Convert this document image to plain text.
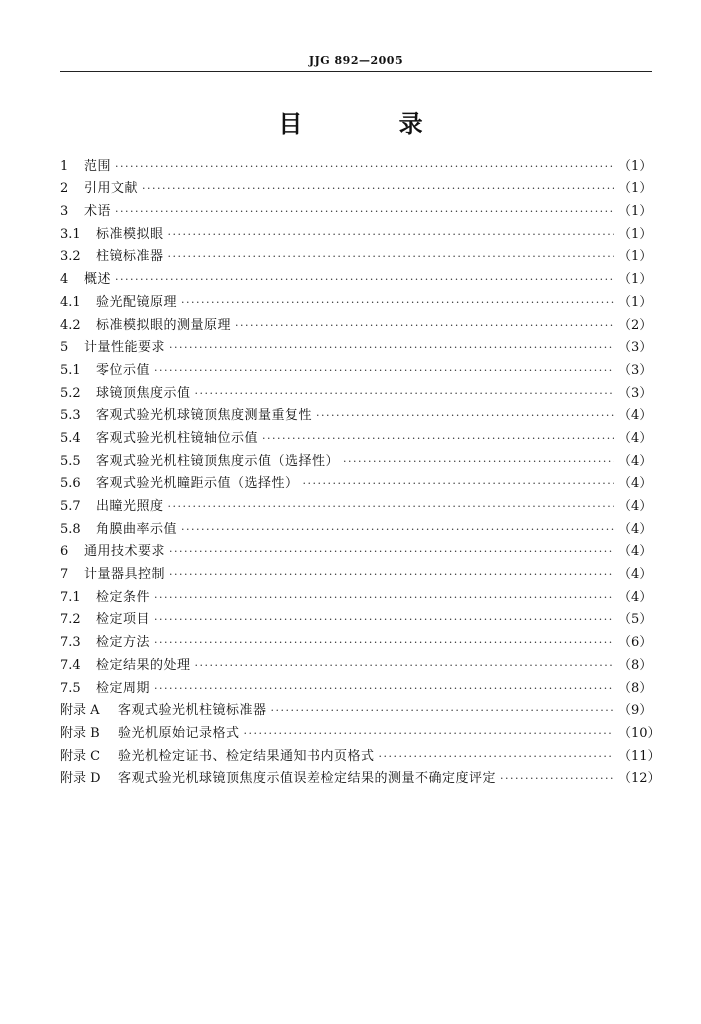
JJG 892—2005
目 录
1	范围 ·····	（1）
2	引用文献 ·····	（1）
3	术语 ·····	（1）
3.1	标准模拟眼 ·····	（1）
3.2	柱镜标准器 ·····	（1）
4	概述 ·····	（1）
4.1	验光配镜原理 ·····	（1）
4.2	标准模拟眼的测量原理 ·····	（2）
5	计量性能要求 ·····	（3）
5.1	零位示值 ·····	（3）
5.2	球镜顶焦度示值 ·····	（3）
5.3	客观式验光机球镜顶焦度测量重复性 ·····	（4）
5.4	客观式验光机柱镜轴位示值 ·····	（4）
5.5	客观式验光机柱镜顶焦度示值（选择性） ·····	（4）
5.6	客观式验光机瞳距示值（选择性） ·····	（4）
5.7	出瞳光照度 ·····	（4）
5.8	角膜曲率示值 ·····	（4）
6	通用技术要求 ·····	（4）
7	计量器具控制 ·····	（4）
7.1	检定条件 ·····	（4）
7.2	检定项目 ·····	（5）
7.3	检定方法 ·····	（6）
7.4	检定结果的处理 ·····	（8）
7.5	检定周期 ·····	（8）
附录 A	客观式验光机柱镜标准器 ·····	（9）
附录 B	验光机原始记录格式 ·····	（10）
附录 C	验光机检定证书、检定结果通知书内页格式 ·····	（11）
附录 D	客观式验光机球镜顶焦度示值误差检定结果的测量不确定度评定 ·····	（12）
